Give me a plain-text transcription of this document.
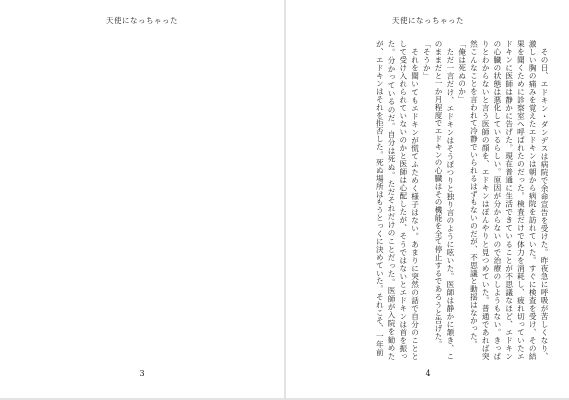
天使になっちゃった
3
天使になっちゃった

その日、エドキン・ダンデスは病院で余命宣告を受けた。昨夜急に呼吸が苦しくなり、激しい胸の痛みを覚えたエドキンは朝から病院を訪れていた。すぐに検査を受け、その結果を聞くために診察室へ呼ばれたのだった。検査だけで体力を消耗し、疲れ切っていたエドキンに医師は静かに告げた。現在普通に生活できていることが不思議なほど、エドキンの心臓の状態は悪化しているらしい。原因が分からないので治療のしようもない。きっぱりとわからないと言う医師の顔を、エドキンはぼんやりと見つめていた。普通であれば突然こんなことを言われて冷静でいられるはずもないのだが、不思議と動揺はなかった。

「俺は死ぬのか」

ただ一言だけ、エドキンはそうぽつりと独り言のように呟いた。医師は静かに頷き、このままだと一か月程度でエドキンの心臓はその機能を全て停止するであろうと告げた。

「そうか」

それを聞いてもエドキンが慌てふためく様子はない。あまりに突然の話で自分のこととして受け入れられていないのかと医師は心配したが、そうではないとエドキンは首を振った。分かっているのだ。自分は死ぬ。ただそれだけのことだった。医師が入院を勧めたが、エドキンはそれを拒否した。死ぬ場所はもうとっくに決めていた。それこそ、一年前

4
